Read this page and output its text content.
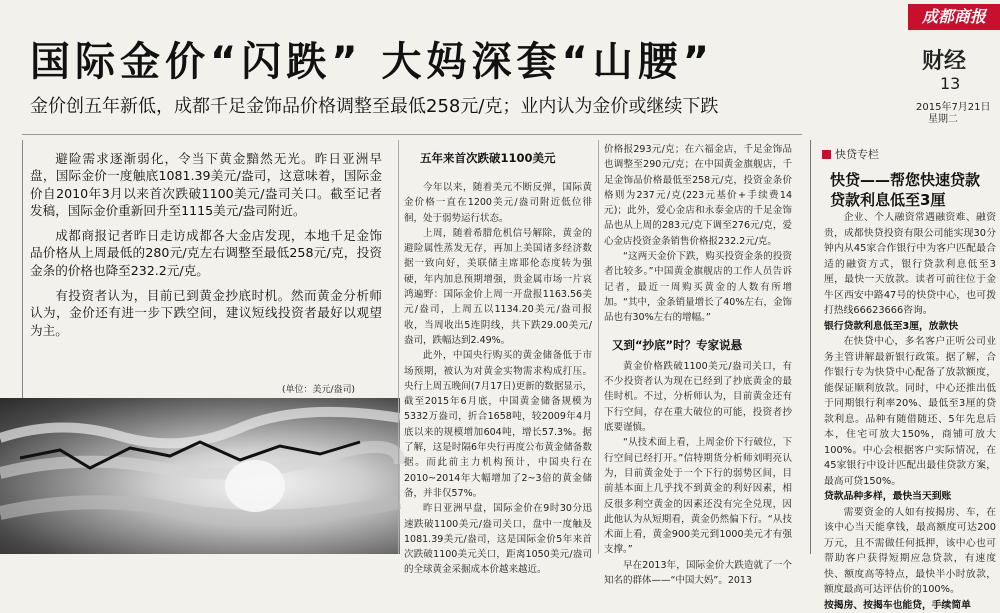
成都商报
财经
13
2015年7月21日
星期二
国际金价“闪跌” 大妈深套“山腰”
金价创五年新低，成都千足金饰品价格调整至最低258元/克；业内认为金价或继续下跌

避险需求逐渐弱化，令当下黄金黯然无光。昨日亚洲早盘，国际金价一度触底1081.39美元/盎司，这意味着，国际金价自2010年3月以来首次跌破1100美元/盎司关口。截至记者发稿，国际金价重新回升至1115美元/盎司附近。

成都商报记者昨日走访成都各大金店发现，本地千足金饰品价格从上周最低的280元/克左右调整至最低258元/克，投资金条的价格也降至232.2元/克。

有投资者认为，目前已到黄金抄底时机。然而黄金分析师认为，金价还有进一步下跌空间，建议短线投资者最好以观望为主。

(单位：美元/盎司)
五年来首次跌破1100美元

今年以来，随着美元不断反弹，国际黄金价格一直在1200美元/盎司附近低位徘徊，处于弱势运行状态。

上周，随着希腊危机信号解除，黄金的避险属性蒸发无存，再加上美国诸多经济数据一致向好，美联储主席耶伦态度转为强硬，年内加息预期增强，贵金属市场一片哀鸿遍野：国际金价上周一开盘报1163.56美元/盎司，上周五以1134.20美元/盎司报收，当周收出5连阴线，共下跌29.00美元/盎司，跌幅达到2.49%。

此外，中国央行购买的黄金储备低于市场预期，被认为对黄金实物需求构成打压。央行上周五晚间(7月17日)更新的数据显示，截至2015年6月底，中国黄金储备规模为5332万盎司，折合1658吨，较2009年4月底以来的规模增加604吨，增长57.3%。据了解，这是时隔6年央行再度公布黄金储备数据。而此前主力机构预计，中国央行在2010~2014年大幅增加了2~3倍的黄金储备，并非仅57%。

昨日亚洲早盘，国际金价在9时30分迅速跌破1100美元/盎司关口，盘中一度触及1081.39美元/盎司，这是国际金价5年来首次跌破1100美元关口，距离1050美元/盎司的全球黄金采掘成本价越来越近。

价格报293元/克；在六福金店，千足金饰品也调整至290元/克；在中国黄金旗舰店，千足金饰品价格最低至258元/克，投资金条价格则为237元/克(223元基价+手续费14元)；此外，爱心金店和永泰金店的千足金饰品也从上周的283元/克下调至276元/克，爱心金店投资金条销售价格报232.2元/克。

“这两天金价下跌，购买投资金条的投资者比较多。”中国黄金旗舰店的工作人员告诉记者，最近一周购买黄金的人数有所增加。“其中，金条销量增长了40%左右，金饰品也有30%左右的增幅。”

又到“抄底”时？专家说悬

黄金价格跌破1100美元/盎司关口，有不少投资者认为现在已经到了抄底黄金的最佳时机。不过，分析师认为，目前黄金还有下行空间，存在重大破位的可能，投资者抄底要谨慎。

“从技术面上看，上周金价下行破位，下行空间已经打开。”信特期货分析师刘明亮认为，目前黄金处于一个下行的弱势区间，目前基本面上几乎找不到黄金的利好因素，相反很多利空黄金的因素还没有完全兑现，因此他认为从短期看，黄金仍然偏下行。“从技术面上看，黄金900美元到1000美元才有强支撑。”

早在2013年，国际金价大跌造就了一个知名的群体——“中国大妈”。2013

快贷专栏
快贷——帮您快速贷款
贷款利息低至3厘

企业、个人融资常遇融资难、融资贵，成都快贷投资有限公司能实现30分钟内从45家合作银行中为客户匹配最合适的融资方式，银行贷款利息低至3厘，最快一天放款。读者可前往位于金牛区西安中路47号的快贷中心，也可拨打热线66623666咨询。

银行贷款利息低至3厘，放款快

在快贷中心，多名客户正听公司业务主管讲解最新银行政策。据了解，合作银行专为快贷中心配备了放款额度，能保证顺利放款。同时，中心还推出低于同期银行利率20%、最低至3厘的贷款利息。品种有随借随还、5年先息后本，住宅可放大150%，商铺可放大100%。中心会根据客户实际情况，在45家银行中设计匹配出最佳贷款方案，最高可贷150%。

贷款品种多样，最快当天到账

需要资金的人如有按揭房、车，在该中心当天能拿钱，最高额度可达200万元，且不需做任何抵押，该中心也可帮助客户获得短期应急贷款，有速度快、额度高等特点，最快半小时放款，额度最高可达评估价的100%。

按揭房、按揭车也能贷，手续简单
